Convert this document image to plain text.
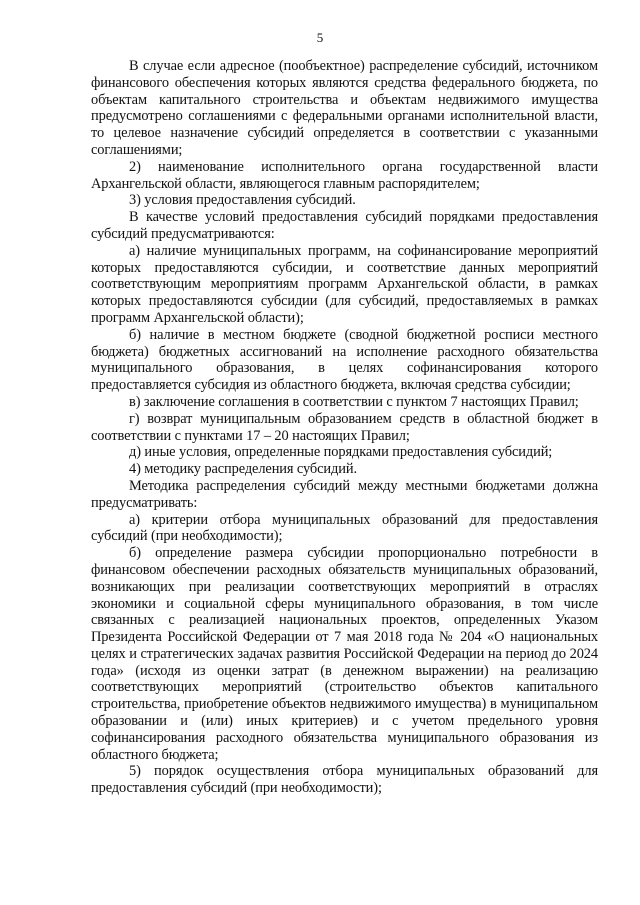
5

В случае если адресное (пообъектное) распределение субсидий, источником финансового обеспечения которых являются средства федерального бюджета, по объектам капитального строительства и объектам недвижимого имущества предусмотрено соглашениями с федеральными органами исполнительной власти, то целевое назначение субсидий определяется в соответствии с указанными соглашениями;

2) наименование исполнительного органа государственной власти Архангельской области, являющегося главным распорядителем;

3) условия предоставления субсидий.

В качестве условий предоставления субсидий порядками предоставления субсидий предусматриваются:

а) наличие муниципальных программ, на софинансирование мероприятий которых предоставляются субсидии, и соответствие данных мероприятий соответствующим мероприятиям программ Архангельской области, в рамках которых предоставляются субсидии (для субсидий, предоставляемых в рамках программ Архангельской области);

б) наличие в местном бюджете (сводной бюджетной росписи местного бюджета) бюджетных ассигнований на исполнение расходного обязательства муниципального образования, в целях софинансирования которого предоставляется субсидия из областного бюджета, включая средства субсидии;

в) заключение соглашения в соответствии с пунктом 7 настоящих Правил;

г) возврат муниципальным образованием средств в областной бюджет в соответствии с пунктами 17 – 20 настоящих Правил;

д) иные условия, определенные порядками предоставления субсидий;

4) методику распределения субсидий.

Методика распределения субсидий между местными бюджетами должна предусматривать:

а) критерии отбора муниципальных образований для предоставления субсидий (при необходимости);

б) определение размера субсидии пропорционально потребности в финансовом обеспечении расходных обязательств муниципальных образований, возникающих при реализации соответствующих мероприятий в отраслях экономики и социальной сферы муниципального образования, в том числе связанных с реализацией национальных проектов, определенных Указом Президента Российской Федерации от 7 мая 2018 года № 204 «О национальных целях и стратегических задачах развития Российской Федерации на период до 2024 года» (исходя из оценки затрат (в денежном выражении) на реализацию соответствующих мероприятий (строительство объектов капитального строительства, приобретение объектов недвижимого имущества) в муниципальном образовании и (или) иных критериев) и с учетом предельного уровня софинансирования расходного обязательства муниципального образования из областного бюджета;

5) порядок осуществления отбора муниципальных образований для предоставления субсидий (при необходимости);
